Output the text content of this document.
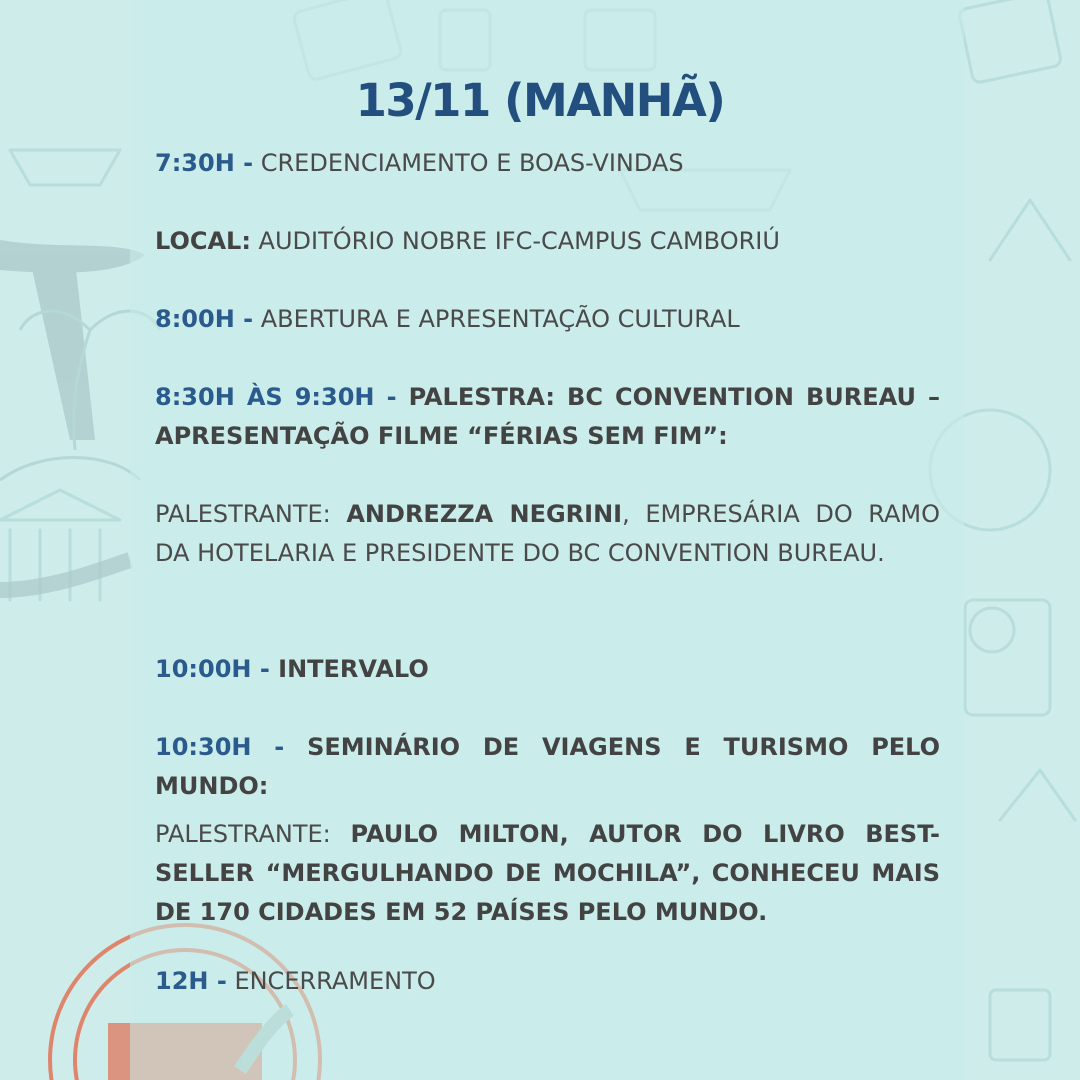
13/11 (MANHÃ)

7:30H - CREDENCIAMENTO E BOAS-VINDAS

LOCAL: AUDITÓRIO NOBRE IFC-CAMPUS CAMBORIÚ

8:00H - ABERTURA E APRESENTAÇÃO CULTURAL

8:30H ÀS 9:30H - PALESTRA: BC CONVENTION BUREAU – APRESENTAÇÃO FILME “FÉRIAS SEM FIM”:

PALESTRANTE: ANDREZZA NEGRINI, EMPRESÁRIA DO RAMO DA HOTELARIA E PRESIDENTE DO BC CONVENTION BUREAU.

10:00H - INTERVALO

10:30H - SEMINÁRIO DE VIAGENS E TURISMO PELO MUNDO:

PALESTRANTE: PAULO MILTON, AUTOR DO LIVRO BEST-SELLER “MERGULHANDO DE MOCHILA”, CONHECEU MAIS DE 170 CIDADES EM 52 PAÍSES PELO MUNDO.

12H - ENCERRAMENTO
